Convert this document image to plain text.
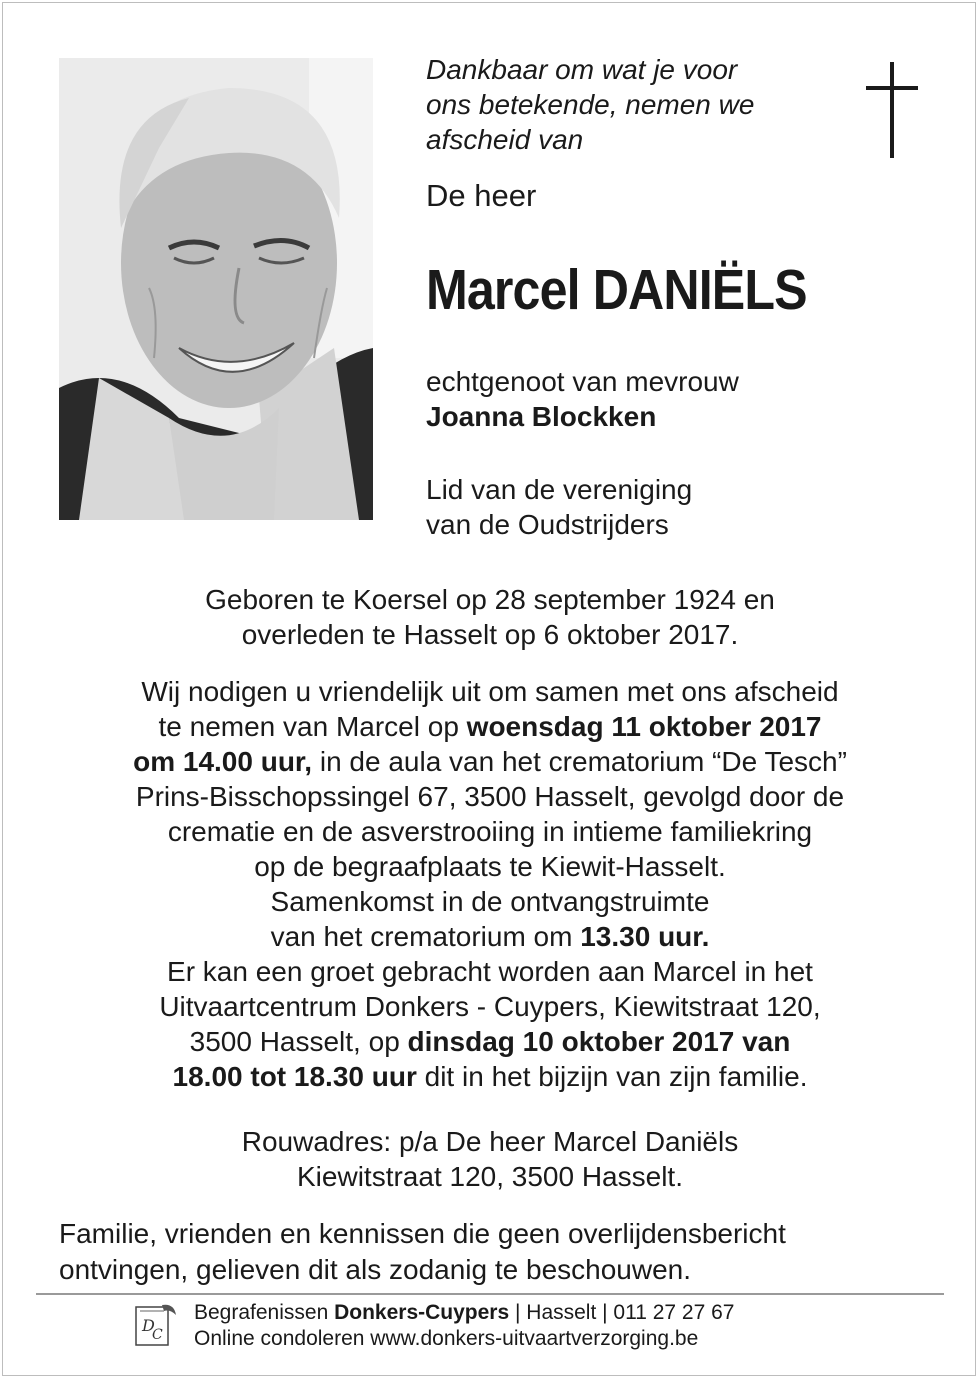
Dankbaar om wat je voor
ons betekende, nemen we
afscheid van
De heer
Marcel DANIËLS
echtgenoot van mevrouw
Joanna Blockken
Lid van de vereniging
van de Oudstrijders
Geboren te Koersel op 28 september 1924 en
overleden te Hasselt op 6 oktober 2017.
Wij nodigen u vriendelijk uit om samen met ons afscheid
te nemen van Marcel op woensdag 11 oktober 2017
om 14.00 uur, in de aula van het crematorium “De Tesch”
Prins-Bisschopssingel 67, 3500 Hasselt, gevolgd door de
crematie en de asverstrooiing in intieme familiekring
op de begraafplaats te Kiewit-Hasselt.
Samenkomst in de ontvangstruimte
van het crematorium om 13.30 uur.
Er kan een groet gebracht worden aan Marcel in het
Uitvaartcentrum Donkers - Cuypers, Kiewitstraat 120,
3500 Hasselt, op dinsdag 10 oktober 2017 van
18.00 tot 18.30 uur dit in het bijzijn van zijn familie.
Rouwadres: p/a De heer Marcel Daniëls
Kiewitstraat 120, 3500 Hasselt.
Familie, vrienden en kennissen die geen overlijdensbericht
ontvingen, gelieven dit als zodanig te beschouwen.
D
C
Begrafenissen Donkers-Cuypers | Hasselt | 011 27 27 67
Online condoleren www.donkers-uitvaartverzorging.be
